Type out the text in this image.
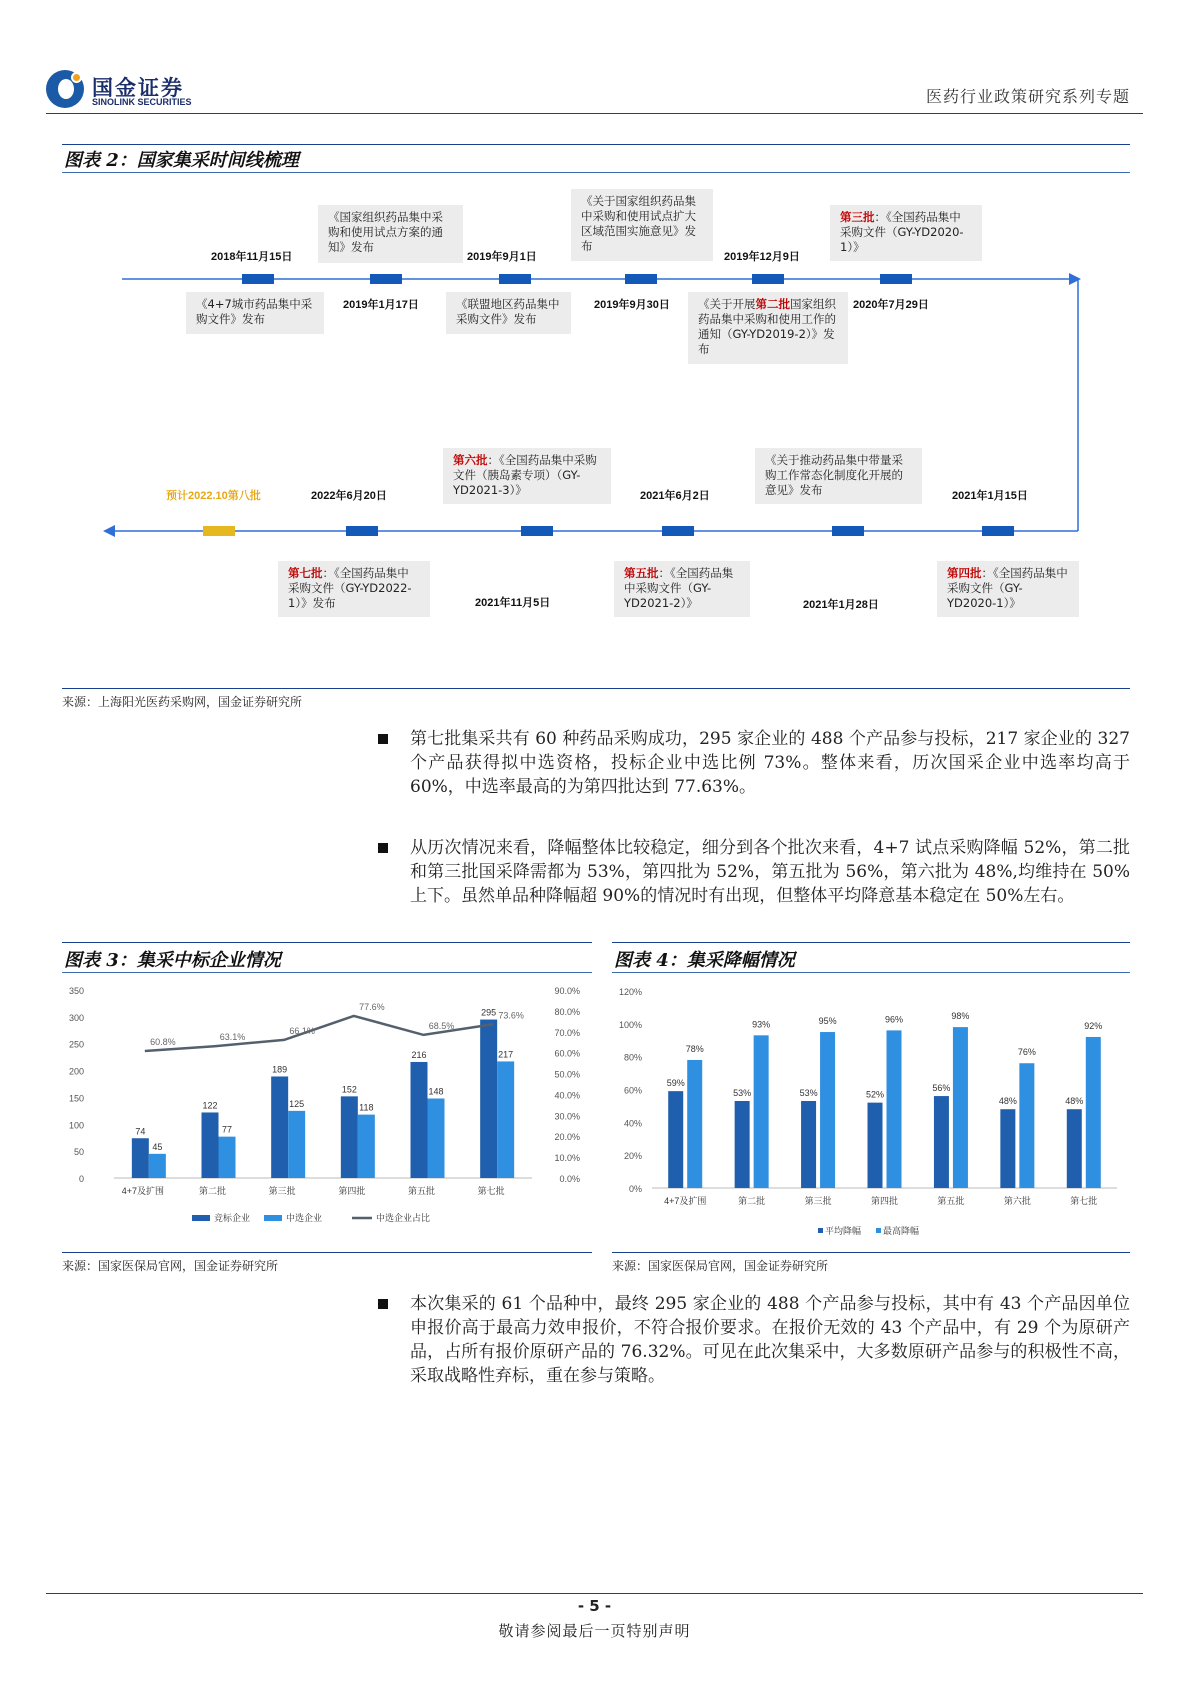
国金证券
SINOLINK SECURITIES	医药行业政策研究系列专题
图表 2：国家集采时间线梳理
2018年11月15日
2019年1月17日
2019年9月1日
2019年9月30日
2019年12月9日
2020年7月29日
预计2022.10第八批	2022年6月20日
2021年11月5日
2021年6月2日
2021年1月28日
2021年1月15日
《4+7城市药品集中采购文件》发布
《国家组织药品集中采购和使用试点方案的通知》发布
《联盟地区药品集中采购文件》发布
《关于国家组织药品集中采购和使用试点扩大区域范围实施意见》发布
《关于开展第二批国家组织药品集中采购和使用工作的通知（GY-YD2019-2）》发布
第三批：《全国药品集中采购文件（GY-YD2020-1）》
第六批：《全国药品集中采购文件（胰岛素专项）（GY-YD2021-3）》
《关于推动药品集中带量采购工作常态化制度化开展的意见》发布
第七批：《全国药品集中采购文件（GY-YD2022-1）》发布
第五批：《全国药品集中采购文件（GY-YD2021-2）》
第四批：《全国药品集中采购文件（GY-YD2020-1）》
来源：上海阳光医药采购网，国金证券研究所
第七批集采共有 60 种药品采购成功，295 家企业的 488 个产品参与投标，217 家企业的 327 个产品获得拟中选资格，投标企业中选比例 73%。整体来看，历次国采企业中选率均高于 60%，中选率最高的为第四批达到 77.63%。
从历次情况来看，降幅整体比较稳定，细分到各个批次来看，4+7 试点采购降幅 52%，第二批和第三批国采降需都为 53%，第四批为 52%，第五批为 56%，第六批为 48%,均维持在 50%上下。虽然单品种降幅超 90%的情况时有出现，但整体平均降意基本稳定在 50%左右。
图表 3：集采中标企业情况	图表 4：集采降幅情况
0
50
100
150
200
250
300
350
0.0%
10.0%
20.0%
30.0%
40.0%
50.0%
60.0%
70.0%
80.0%
90.0%
74
45
4+7及扩围
122
77
第二批
189
125
第三批
152
118
第四批
216
148
第五批
295
217
第七批
60.8%	63.1%
66.1%
77.6%
68.5%
73.6%
竞标企业	中选企业	中选企业占比
0%
20%
40%
60%
80%
100%
120%
59%
78%
4+7及扩围
53%
93%
第二批
53%
95%
第三批
52%
96%
第四批
56%
98%
第五批
48%
76%
第六批
48%
92%
第七批
平均降幅 最高降幅
来源：国家医保局官网，国金证券研究所	来源：国家医保局官网，国金证券研究所
本次集采的 61 个品种中，最终 295 家企业的 488 个产品参与投标，其中有 43 个产品因单位申报价高于最高力效申报价，不符合报价要求。在报价无效的 43 个产品中，有 29 个为原研产品，占所有报价原研产品的 76.32%。可见在此次集采中，大多数原研产品参与的积极性不高，采取战略性弃标，重在参与策略。
- 5 -
敬请参阅最后一页特别声明
